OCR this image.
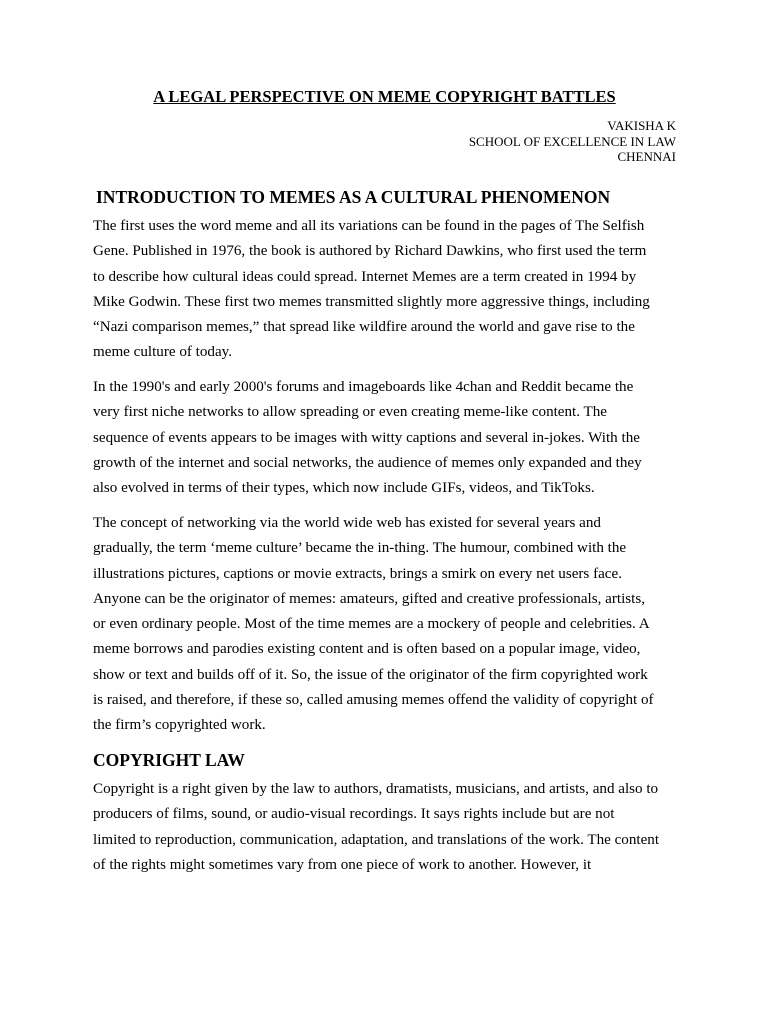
A LEGAL PERSPECTIVE ON MEME COPYRIGHT BATTLES
VAKISHA K
SCHOOL OF EXCELLENCE IN LAW
CHENNAI
INTRODUCTION TO MEMES AS A CULTURAL PHENOMENON

The first uses the word meme and all its variations can be found in the pages of The Selfish
Gene. Published in 1976, the book is authored by Richard Dawkins, who first used the term
to describe how cultural ideas could spread. Internet Memes are a term created in 1994 by
Mike Godwin. These first two memes transmitted slightly more aggressive things, including
“Nazi comparison memes,” that spread like wildfire around the world and gave rise to the
meme culture of today.

In the 1990's and early 2000's forums and imageboards like 4chan and Reddit became the
very first niche networks to allow spreading or even creating meme-like content. The
sequence of events appears to be images with witty captions and several in-jokes. With the
growth of the internet and social networks, the audience of memes only expanded and they
also evolved in terms of their types, which now include GIFs, videos, and TikToks.

The concept of networking via the world wide web has existed for several years and
gradually, the term ‘meme culture’ became the in-thing. The humour, combined with the
illustrations pictures, captions or movie extracts, brings a smirk on every net users face.
Anyone can be the originator of memes: amateurs, gifted and creative professionals, artists,
or even ordinary people. Most of the time memes are a mockery of people and celebrities. A
meme borrows and parodies existing content and is often based on a popular image, video,
show or text and builds off of it. So, the issue of the originator of the firm copyrighted work
is raised, and therefore, if these so, called amusing memes offend the validity of copyright of
the firm’s copyrighted work.

COPYRIGHT LAW

Copyright is a right given by the law to authors, dramatists, musicians, and artists, and also to
producers of films, sound, or audio-visual recordings. It says rights include but are not
limited to reproduction, communication, adaptation, and translations of the work. The content
of the rights might sometimes vary from one piece of work to another. However, it
